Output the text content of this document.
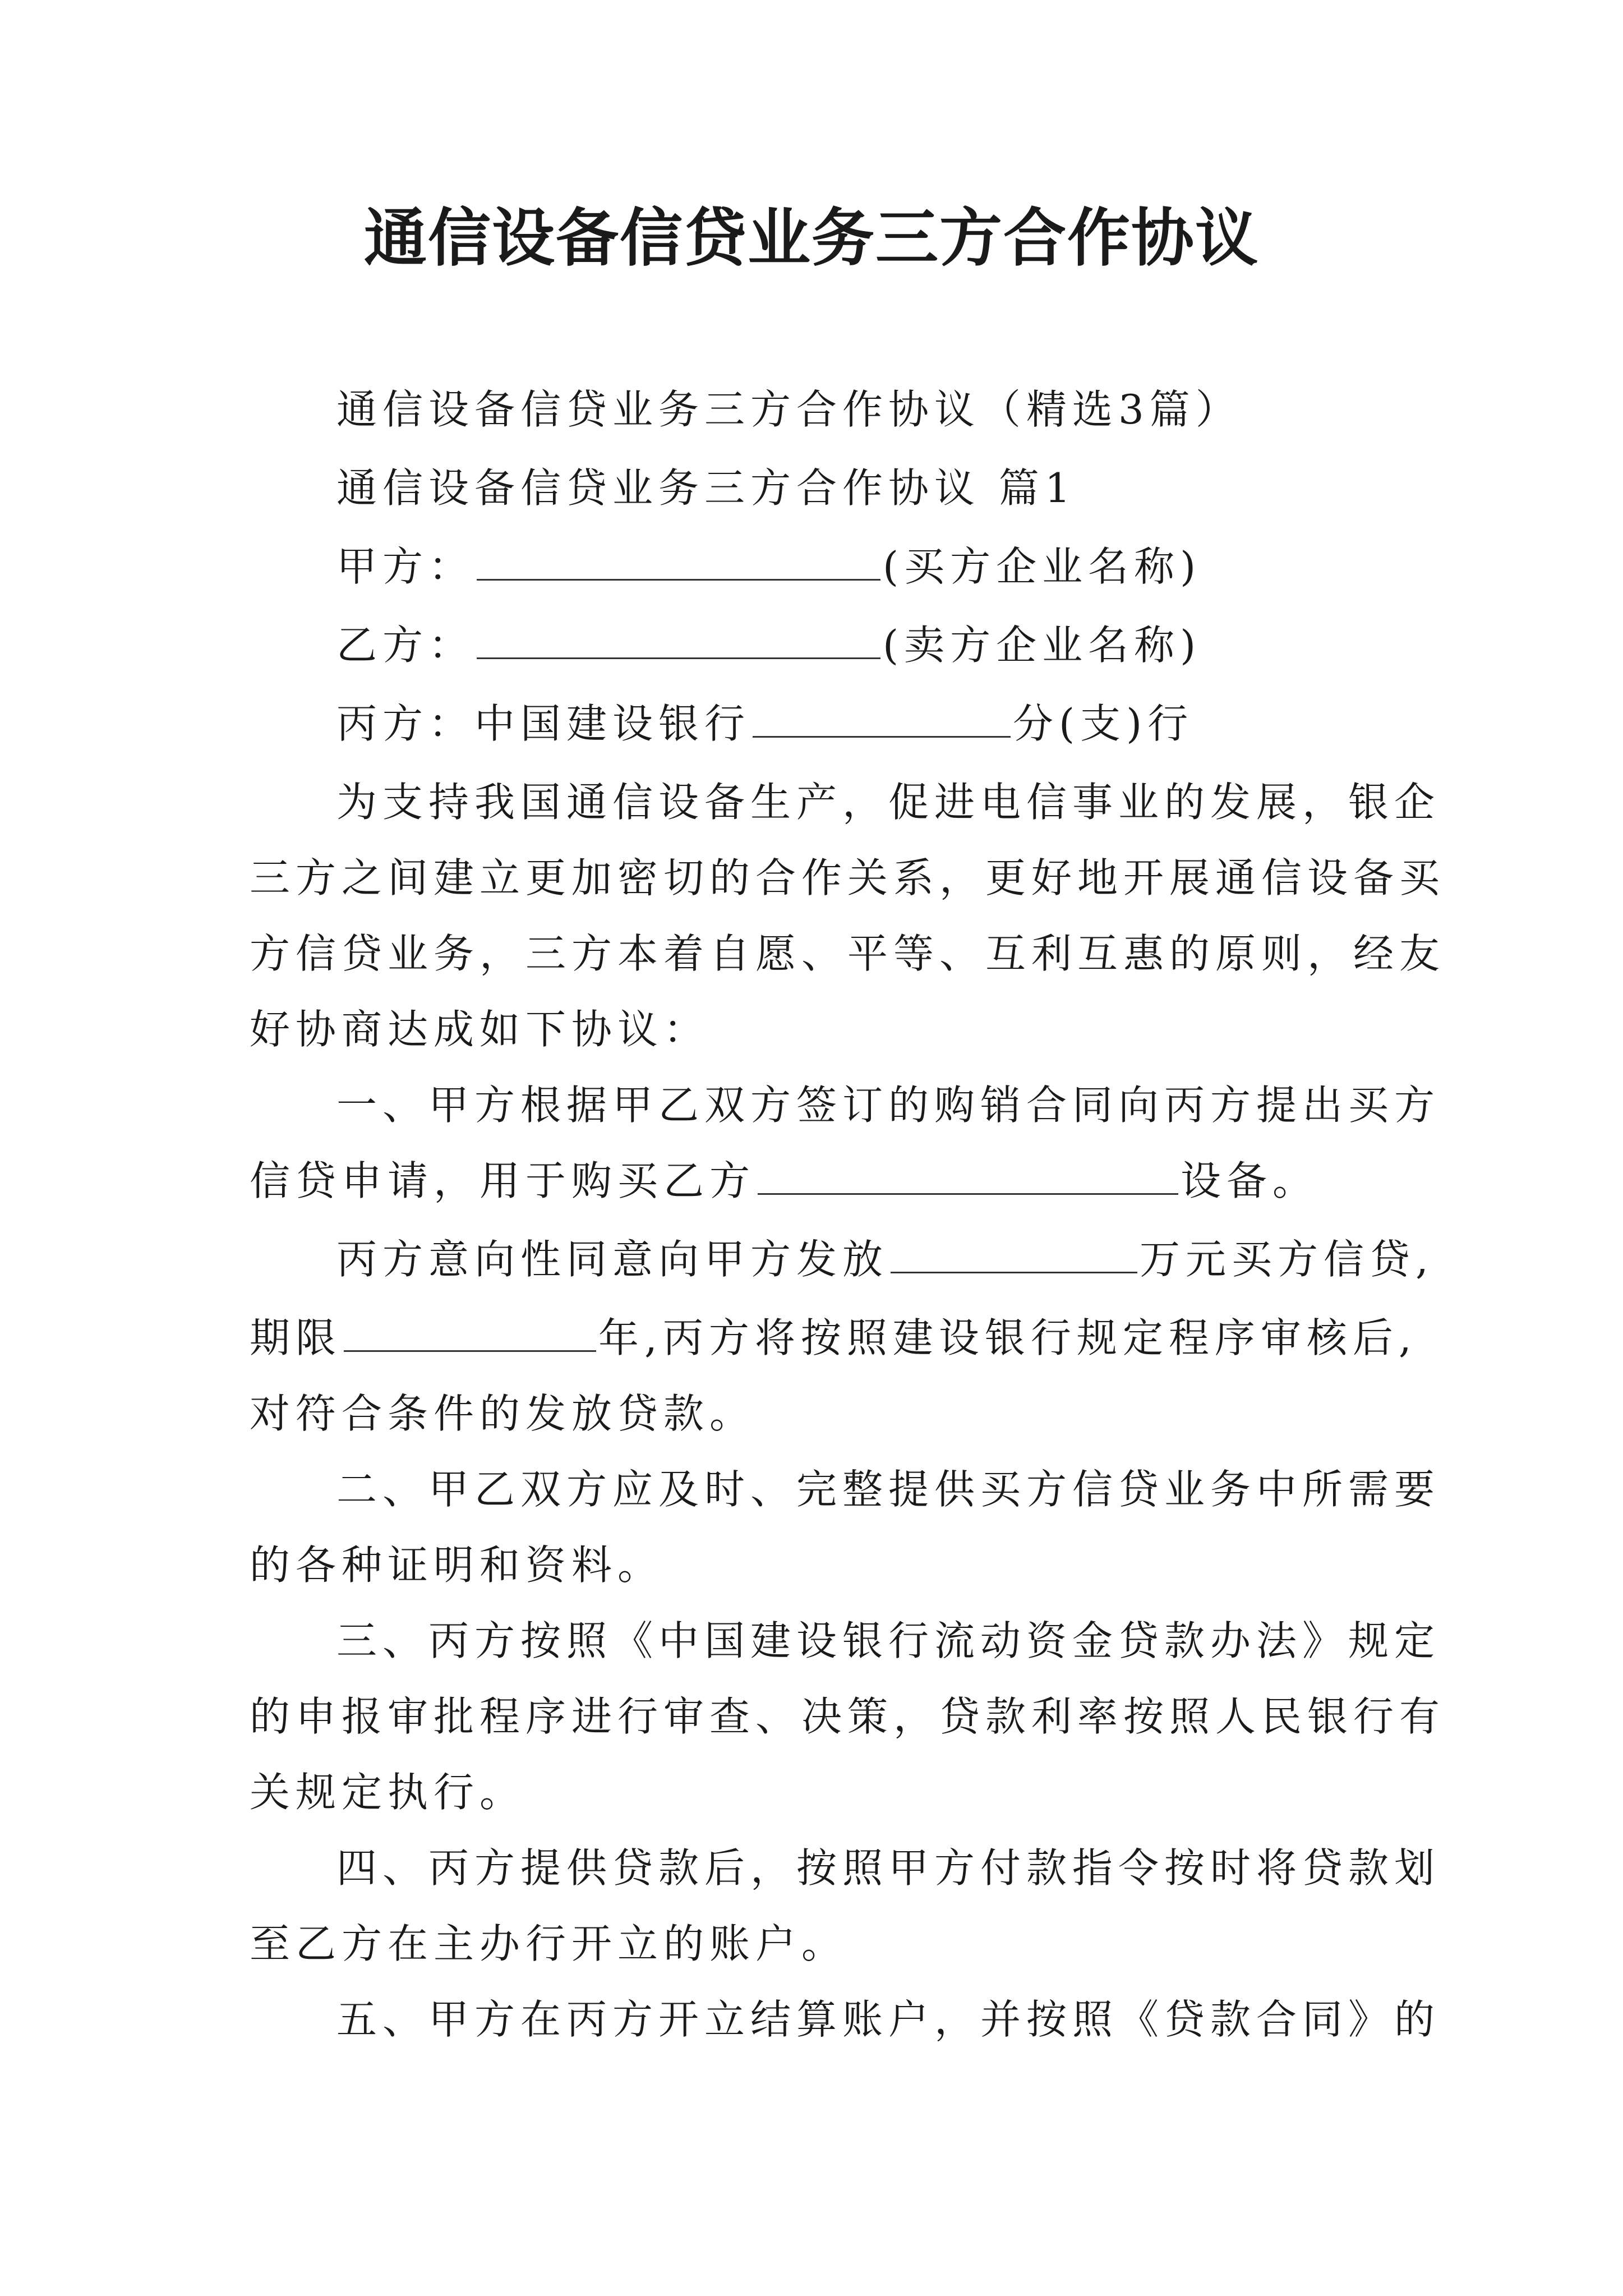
通信设备信贷业务三方合作协议
通信设备信贷业务三方合作协议（精选3篇）
通信设备信贷业务三方合作协议 篇1
甲方：	(买方企业名称)
乙方：	(卖方企业名称)
丙方：中国建设银行	分(支)行
为支持我国通信设备生产，促进电信事业的发展，银企
三方之间建立更加密切的合作关系，更好地开展通信设备买
方信贷业务，三方本着自愿、平等、互利互惠的原则，经友
好协商达成如下协议：
一、甲方根据甲乙双方签订的购销合同向丙方提出买方
信贷申请，用于购买乙方	设备。
丙方意向性同意向甲方发放	万元买方信贷,
期限	年,丙方将按照建设银行规定程序审核后,
对符合条件的发放贷款。
二、甲乙双方应及时、完整提供买方信贷业务中所需要
的各种证明和资料。
三、丙方按照《中国建设银行流动资金贷款办法》规定
的申报审批程序进行审查、决策，贷款利率按照人民银行有
关规定执行。
四、丙方提供贷款后，按照甲方付款指令按时将贷款划
至乙方在主办行开立的账户。
五、甲方在丙方开立结算账户，并按照《贷款合同》的
